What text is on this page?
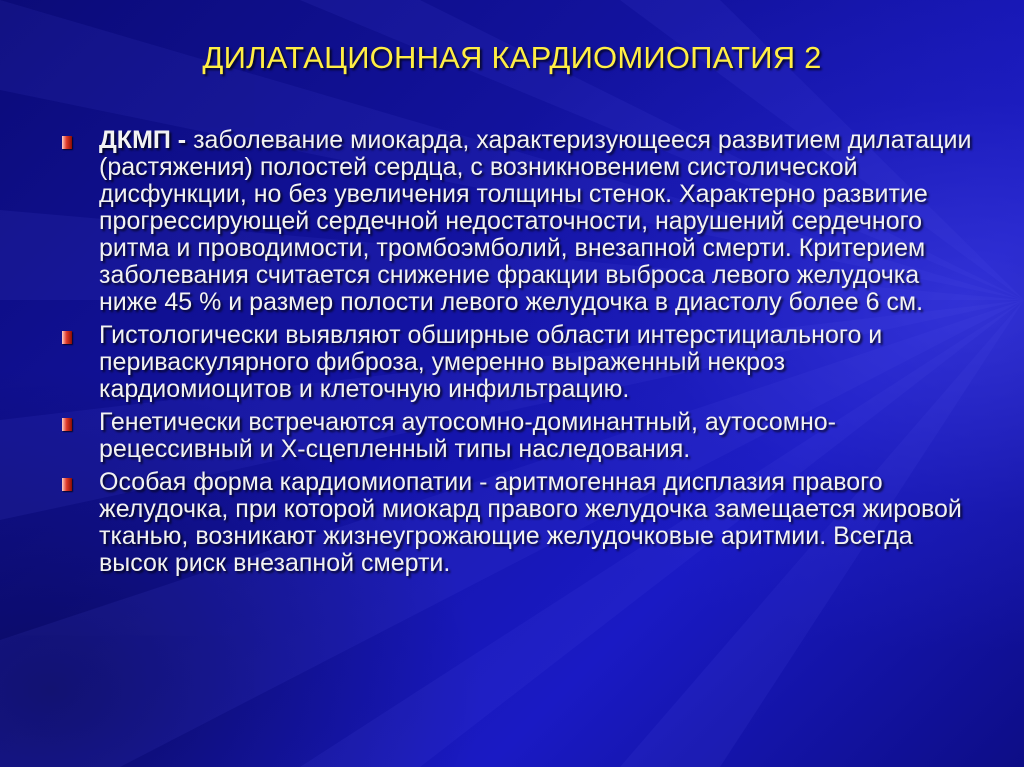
ДИЛАТАЦИОННАЯ КАРДИОМИОПАТИЯ 2
ДКМП - заболевание миокарда, характеризующееся развитием дилатации (растяжения) полостей сердца, с возникновением систолической дисфункции, но без увеличения толщины стенок. Характерно развитие прогрессирующей сердечной недостаточности, нарушений сердечного ритма и проводимости, тромбоэмболий, внезапной смерти. Критерием заболевания считается снижение фракции выброса левого желудочка ниже 45 % и размер полости левого желудочка в диастолу более 6 см.
Гистологически выявляют обширные области интерстициального и периваскулярного фиброза, умеренно выраженный некроз кардиомиоцитов и клеточную инфильтрацию.
Генетически встречаются аутосомно-доминантный, аутосомно-рецессивный и Х-сцепленный типы наследования.
Особая форма кардиомиопатии - аритмогенная дисплазия правого желудочка, при которой миокард правого желудочка замещается жировой тканью, возникают жизнеугрожающие желудочковые аритмии. Всегда высок риск внезапной смерти.
